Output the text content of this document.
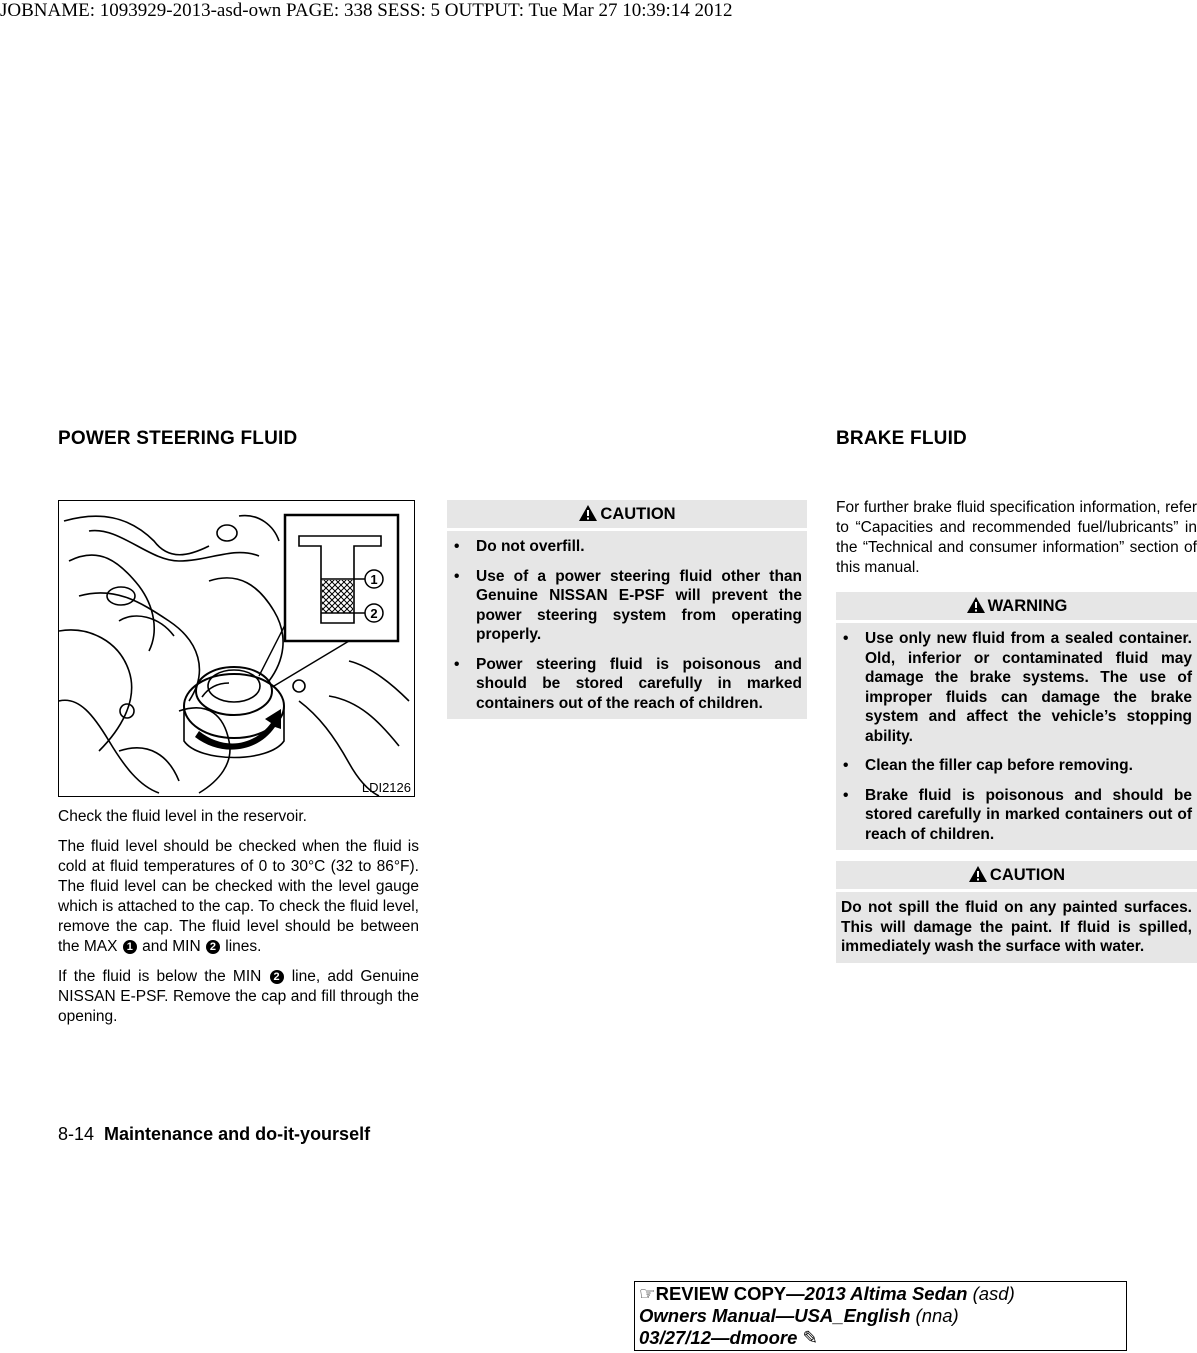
JOBNAME: 1093929-2013-asd-own PAGE: 338 SESS: 5 OUTPUT: Tue Mar 27 10:39:14 2012
POWER STEERING FLUID	BRAKE FLUID
1
2
LDI2126

Check the fluid level in the reservoir.

The fluid level should be checked when the fluid is cold at fluid temperatures of 0 to 30°C (32 to 86°F). The fluid level can be checked with the level gauge which is attached to the cap. To check the fluid level, remove the cap. The fluid level should be between the MAX 1 and MIN 2 lines.

If the fluid is below the MIN 2 line, add Genuine NISSAN E-PSF. Remove the cap and fill through the opening.

CAUTION
•	Do not overfill.
•	Use of a power steering fluid other than Genuine NISSAN E-PSF will prevent the power steering system from operating properly.
•	Power steering fluid is poisonous and should be stored carefully in marked containers out of the reach of children.
For further brake fluid specification information, refer to “Capacities and recommended fuel/lubricants” in the “Technical and consumer information” section of this manual.
WARNING
•	Use only new fluid from a sealed container. Old, inferior or contaminated fluid may damage the brake systems. The use of improper fluids can damage the brake system and affect the vehicle’s stopping ability.
•	Clean the filler cap before removing.
•	Brake fluid is poisonous and should be stored carefully in marked containers out of reach of children.
CAUTION
Do not spill the fluid on any painted surfaces. This will damage the paint. If fluid is spilled, immediately wash the surface with water.
8-14 Maintenance and do-it-yourself
☞REVIEW COPY—2013 Altima Sedan (asd)
Owners Manual—USA_English (nna)
03/27/12—dmoore ✎
